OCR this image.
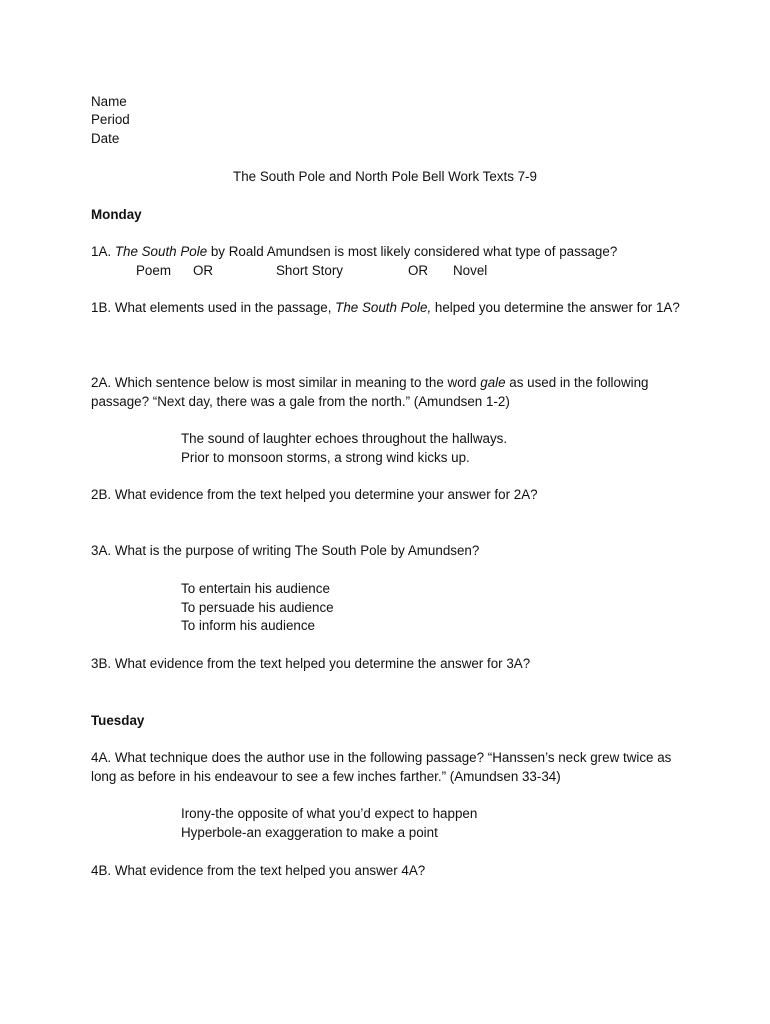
Name
Period
Date
The South Pole and North Pole Bell Work Texts 7-9
Monday
1A. The South Pole by Roald Amundsen is most likely considered what type of passage?
Poem OR	Short Story	OR Novel
1B. What elements used in the passage, The South Pole, helped you determine the answer for 1A?
2A. Which sentence below is most similar in meaning to the word gale as used in the following passage? “Next day, there was a gale from the north.” (Amundsen 1-2)
The sound of laughter echoes throughout the hallways.
Prior to monsoon storms, a strong wind kicks up.
2B. What evidence from the text helped you determine your answer for 2A?
3A. What is the purpose of writing The South Pole by Amundsen?
To entertain his audience
To persuade his audience
To inform his audience
3B. What evidence from the text helped you determine the answer for 3A?
Tuesday
4A. What technique does the author use in the following passage? “Hanssen’s neck grew twice as long as before in his endeavour to see a few inches farther.” (Amundsen 33-34)
Irony-the opposite of what you’d expect to happen
Hyperbole-an exaggeration to make a point
4B. What evidence from the text helped you answer 4A?
